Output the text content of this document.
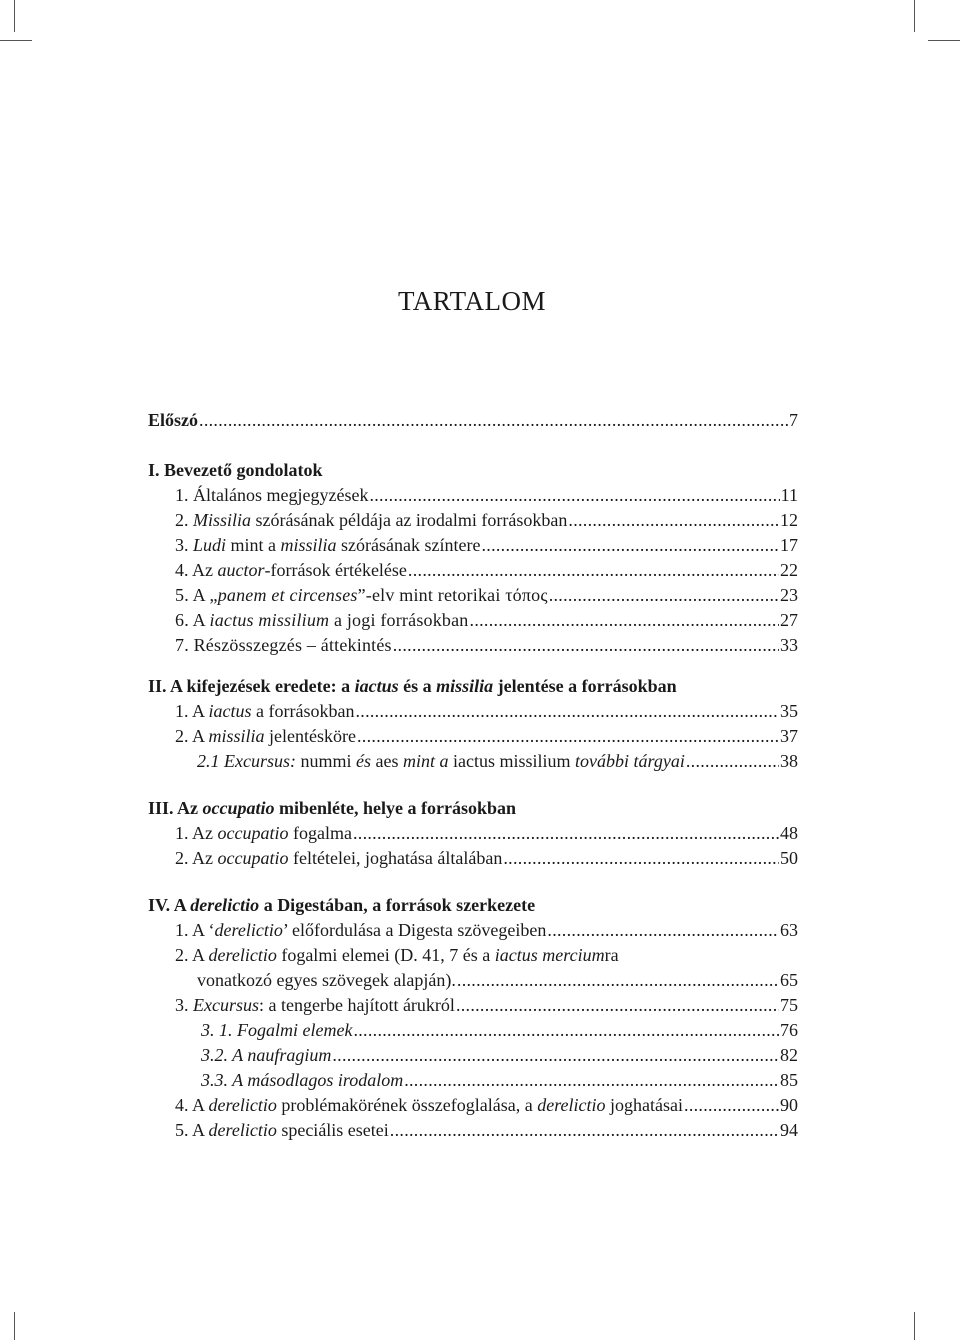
TARTALOM
Előszó .....	7
I. Bevezető gondolatok
1. Általános megjegyzések .....	11
2. Missilia szórásának példája az irodalmi forrásokban .....	12
3. Ludi mint a missilia szórásának színtere .....	17
4. Az auctor-források értékelése .....	22
5. A „panem et circenses”-elv mint retorikai τόπος .....	23
6. A iactus missilium a jogi forrásokban .....	27
7. Részösszegzés – áttekintés .....	33
II. A kifejezések eredete: a iactus és a missilia jelentése a forrásokban
1. A iactus a forrásokban .....	35
2. A missilia jelentésköre .....	37
2.1 Excursus: nummi és aes mint a iactus missilium további tárgyai .....	38
III. Az occupatio mibenléte, helye a forrásokban
1. Az occupatio fogalma .....	48
2. Az occupatio feltételei, joghatása általában .....	50
IV. A derelictio a Digestában, a források szerkezete
1. A ‘derelictio’ előfordulása a Digesta szövegeiben .....	63
2. A derelictio fogalmi elemei (D. 41, 7 és a iactus merciumra
vonatkozó egyes szövegek alapján). .....	65
3. Excursus: a tengerbe hajított árukról .....	75
3. 1. Fogalmi elemek .....	76
3.2. A naufragium .....	82
3.3. A másodlagos irodalom .....	85
4. A derelictio problémakörének összefoglalása, a derelictio joghatásai .....	90
5. A derelictio speciális esetei .....	94
